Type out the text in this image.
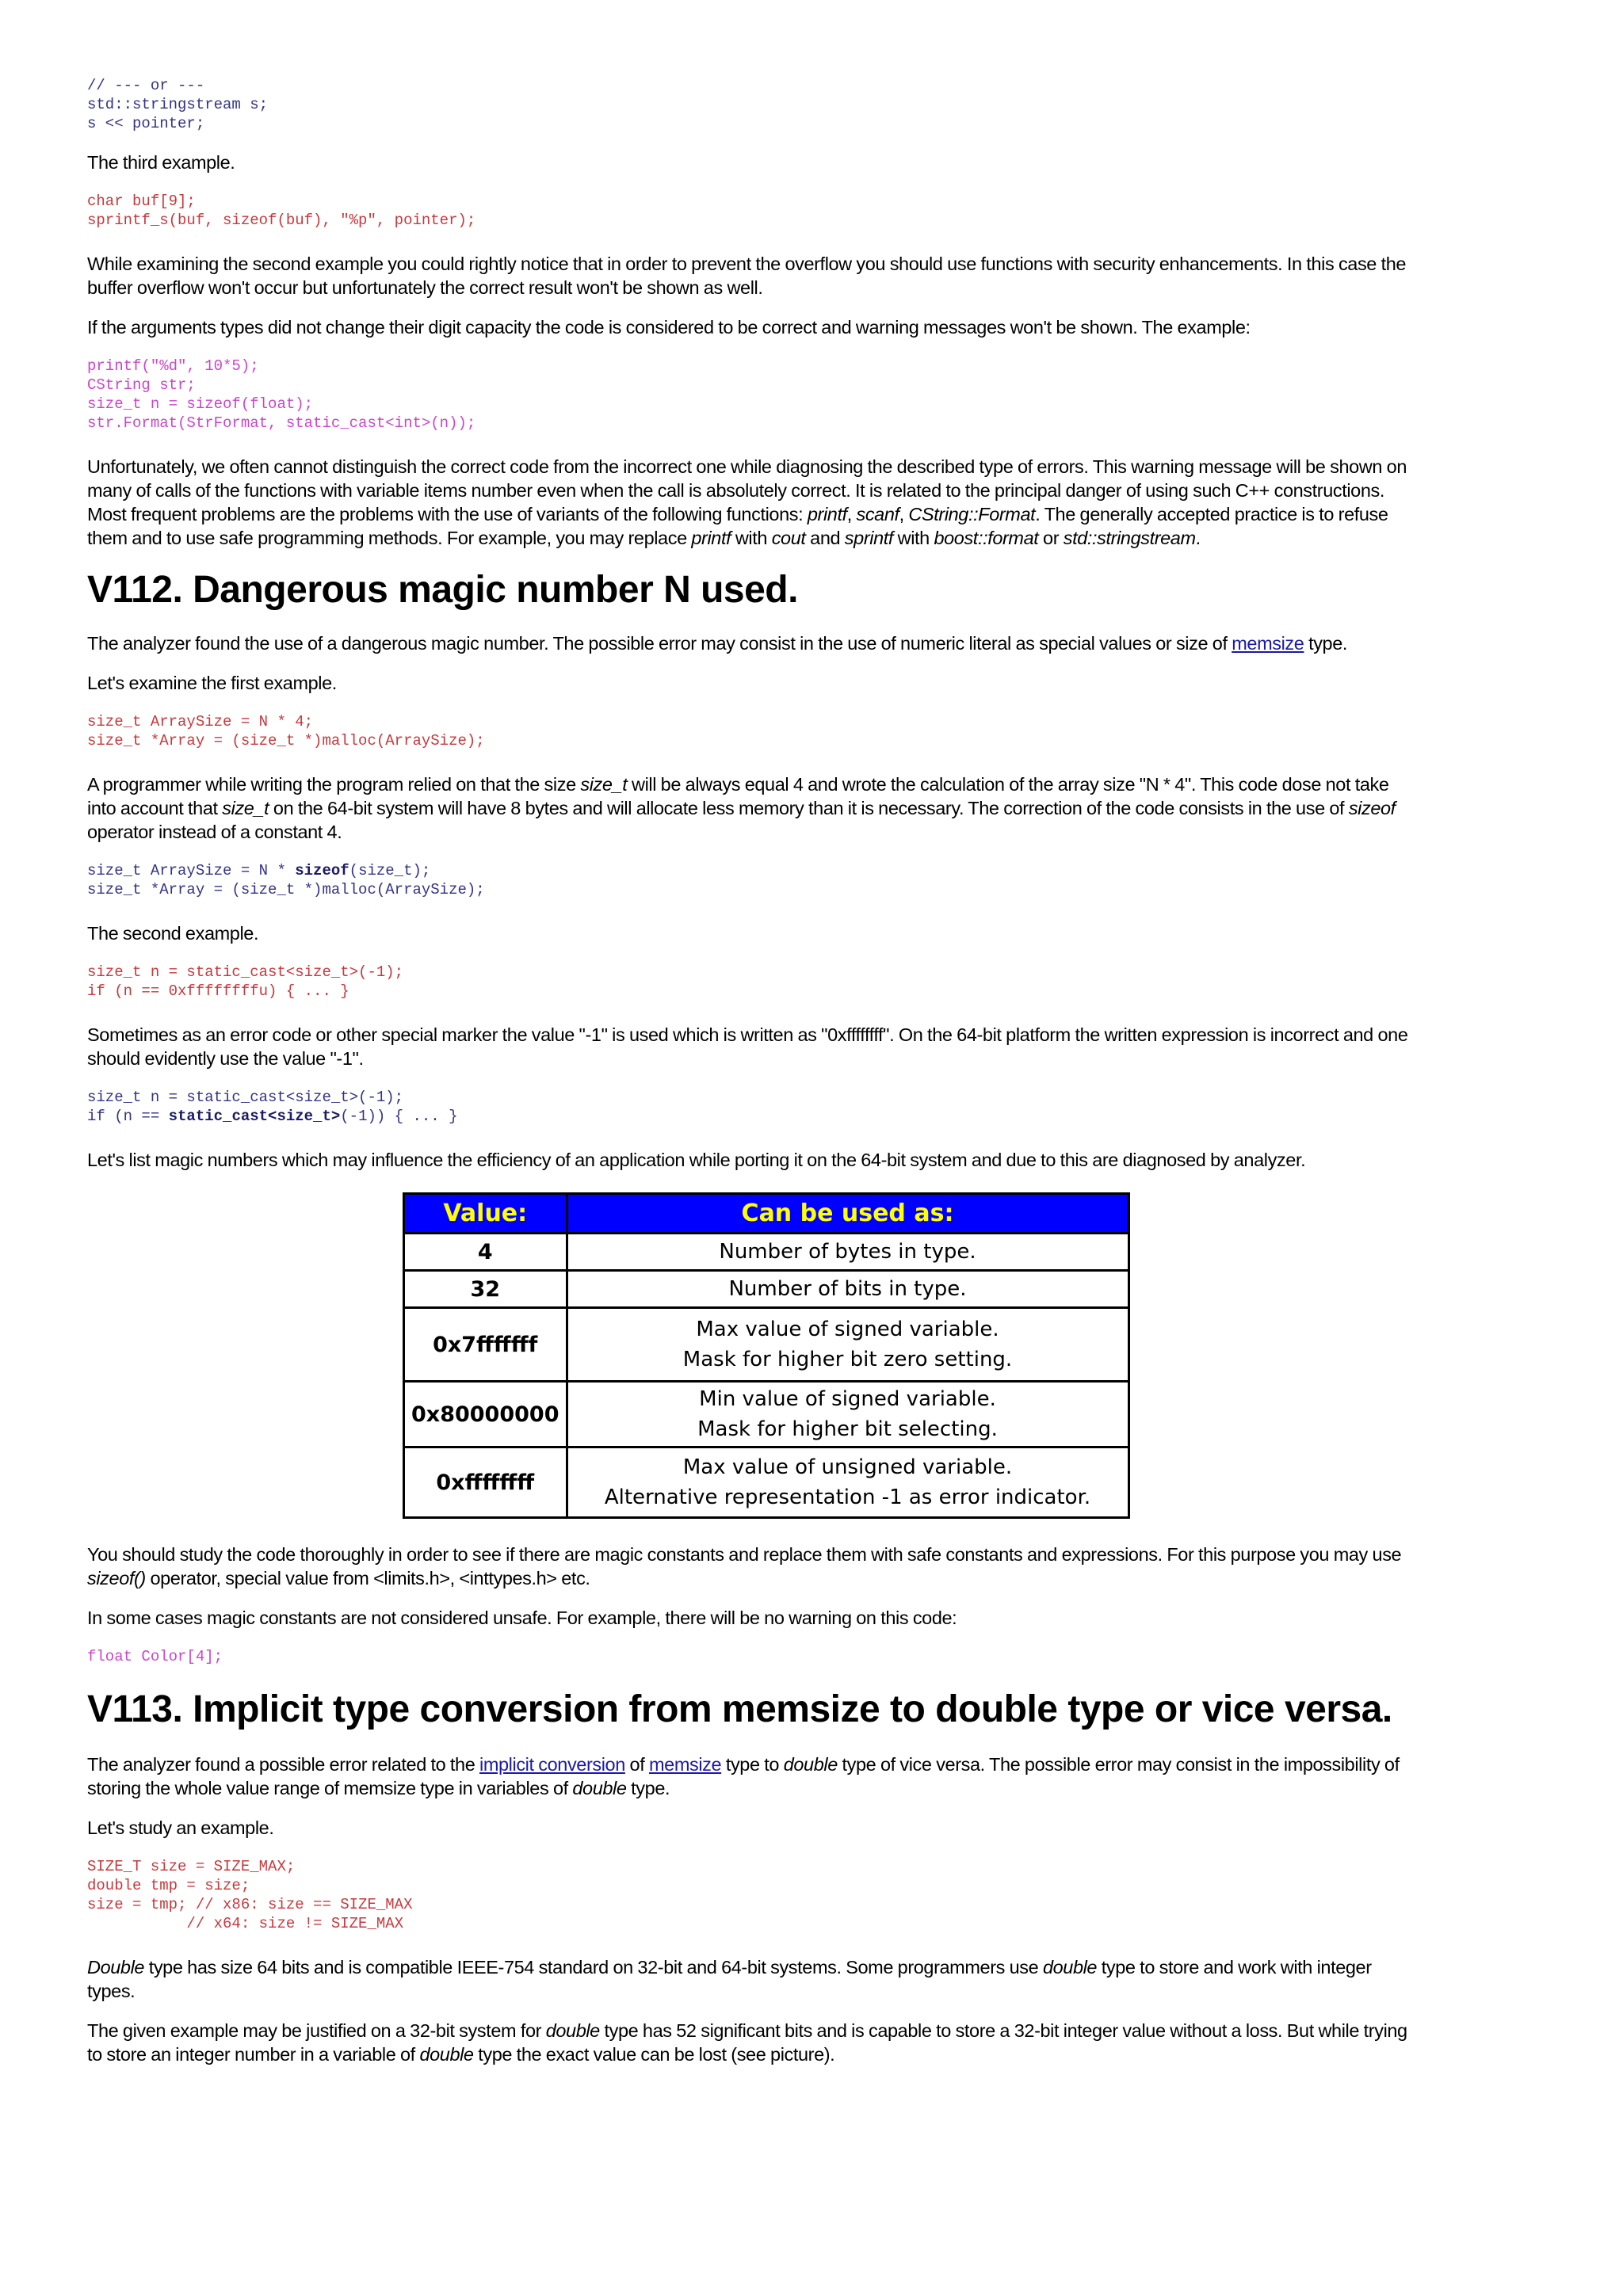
// --- or ---
std::stringstream s;
s << pointer;

The third example.

char buf[9];
sprintf_s(buf, sizeof(buf), "%p", pointer);

While examining the second example you could rightly notice that in order to prevent the overflow you should use functions with security enhancements. In this case the buffer overflow won't occur but unfortunately the correct result won't be shown as well.

If the arguments types did not change their digit capacity the code is considered to be correct and warning messages won't be shown. The example:

printf("%d", 10*5);
CString str;
size_t n = sizeof(float);
str.Format(StrFormat, static_cast<int>(n));

Unfortunately, we often cannot distinguish the correct code from the incorrect one while diagnosing the described type of errors. This warning message will be shown on many of calls of the functions with variable items number even when the call is absolutely correct. It is related to the principal danger of using such C++ constructions. Most frequent problems are the problems with the use of variants of the following functions: printf, scanf, CString::Format. The generally accepted practice is to refuse them and to use safe programming methods. For example, you may replace printf with cout and sprintf with boost::format or std::stringstream.

V112. Dangerous magic number N used.

The analyzer found the use of a dangerous magic number. The possible error may consist in the use of numeric literal as special values or size of memsize type.

Let's examine the first example.

size_t ArraySize = N * 4;
size_t *Array = (size_t *)malloc(ArraySize);

A programmer while writing the program relied on that the size size_t will be always equal 4 and wrote the calculation of the array size "N * 4". This code dose not take into account that size_t on the 64-bit system will have 8 bytes and will allocate less memory than it is necessary. The correction of the code consists in the use of sizeof operator instead of a constant 4.

size_t ArraySize = N * sizeof(size_t);
size_t *Array = (size_t *)malloc(ArraySize);

The second example.

size_t n = static_cast<size_t>(-1);
if (n == 0xffffffffu) { ... }

Sometimes as an error code or other special marker the value "-1" is used which is written as "0xffffffff". On the 64-bit platform the written expression is incorrect and one should evidently use the value "-1".

size_t n = static_cast<size_t>(-1);
if (n == static_cast<size_t>(-1)) { ... }

Let's list magic numbers which may influence the efficiency of an application while porting it on the 64-bit system and due to this are diagnosed by analyzer.

Value:	Can be used as:
4	Number of bytes in type.

32	Number of bits in type.

0x7fffffff	Max value of signed variable.
Mask for higher bit zero setting.

0x80000000	Min value of signed variable.
Mask for higher bit selecting.

0xffffffff	Max value of unsigned variable.
Alternative representation -1 as error indicator.

You should study the code thoroughly in order to see if there are magic constants and replace them with safe constants and expressions. For this purpose you may use sizeof() operator, special value from <limits.h>, <inttypes.h> etc.

In some cases magic constants are not considered unsafe. For example, there will be no warning on this code:

float Color[4];
V113. Implicit type conversion from memsize to double type or vice versa.

The analyzer found a possible error related to the implicit conversion of memsize type to double type of vice versa. The possible error may consist in the impossibility of storing the whole value range of memsize type in variables of double type.

Let's study an example.

SIZE_T size = SIZE_MAX;
double tmp = size;
size = tmp; // x86: size == SIZE_MAX
// x64: size != SIZE_MAX

Double type has size 64 bits and is compatible IEEE-754 standard on 32-bit and 64-bit systems. Some programmers use double type to store and work with integer types.

The given example may be justified on a 32-bit system for double type has 52 significant bits and is capable to store a 32-bit integer value without a loss. But while trying to store an integer number in a variable of double type the exact value can be lost (see picture).
